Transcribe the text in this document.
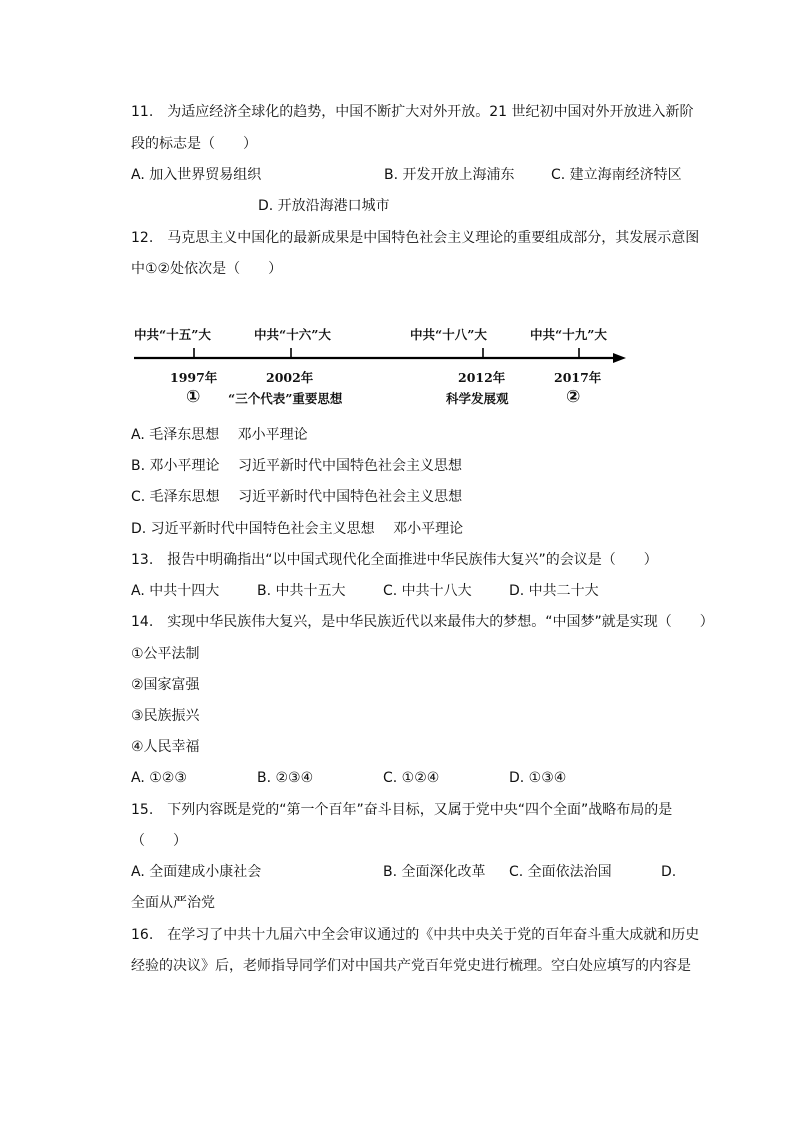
11.　为适应经济全球化的趋势，中国不断扩大对外开放。21 世纪初中国对外开放进入新阶
段的标志是（　　）
A. 加入世界贸易组织	B. 开发开放上海浦东	C. 建立海南经济特区
D. 开放沿海港口城市
12.　马克思主义中国化的最新成果是中国特色社会主义理论的重要组成部分，其发展示意图
中①②处依次是（　　）
中共“十五”大	中共“十六”大	中共“十八”大	中共“十九”大
1997年	2002年	2012年	2017年
① “三个代表”重要思想	科学发展观	②
A. 毛泽东思想　 邓小平理论
B. 邓小平理论　 习近平新时代中国特色社会主义思想
C. 毛泽东思想　 习近平新时代中国特色社会主义思想
D. 习近平新时代中国特色社会主义思想　 邓小平理论
13.　报告中明确指出“以中国式现代化全面推进中华民族伟大复兴”的会议是（　　）
A. 中共十四大	B. 中共十五大	C. 中共十八大	D. 中共二十大
14.　实现中华民族伟大复兴，是中华民族近代以来最伟大的梦想。“中国梦”就是实现（　　）
①公平法制
②国家富强
③民族振兴
④人民幸福
A. ①②③	B. ②③④	C. ①②④	D. ①③④
15.　下列内容既是党的“第一个百年”奋斗目标，又属于党中央“四个全面”战略布局的是
（　　）
A. 全面建成小康社会	B. 全面深化改革 C. 全面依法治国	D.
全面从严治党
16.　在学习了中共十九届六中全会审议通过的《中共中央关于党的百年奋斗重大成就和历史
经验的决议》后，老师指导同学们对中国共产党百年党史进行梳理。空白处应填写的内容是
